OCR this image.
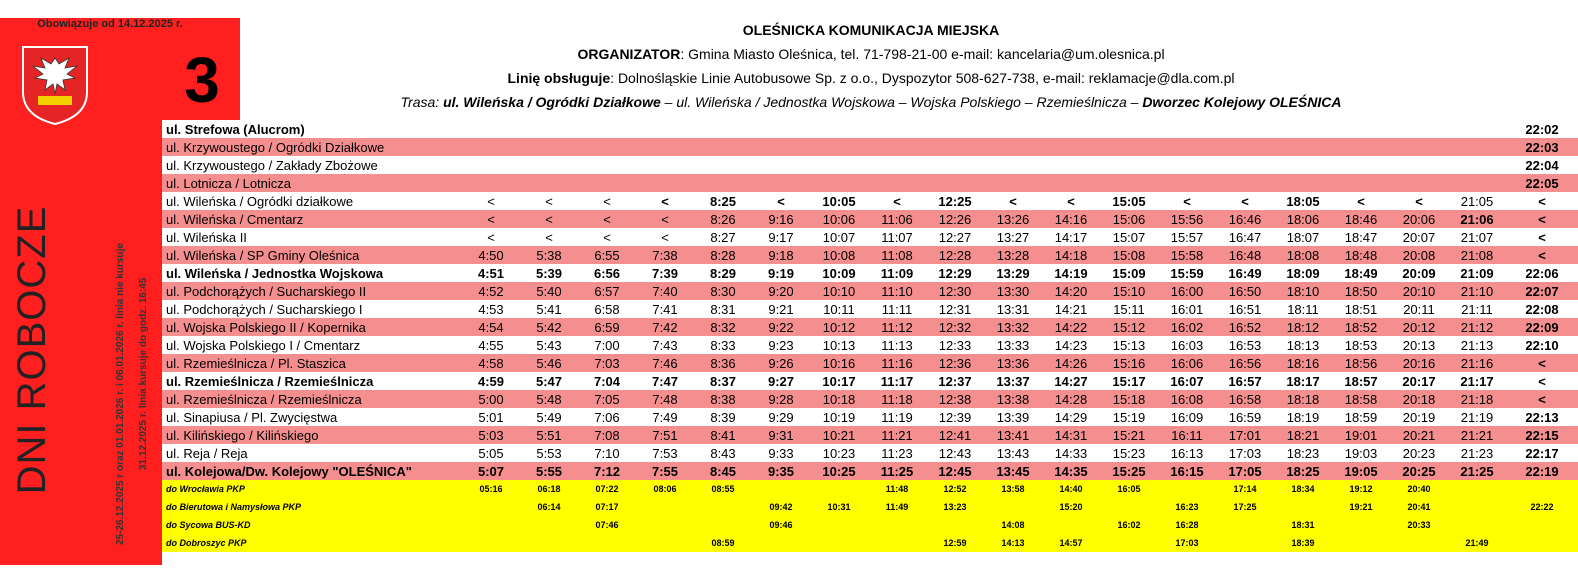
Obowiązuje od 14.12.2025 r.
3
DNI ROBOCZE	25-26.12.2025 r oraz 01.01.2026 r. i 06.01.2026 r. linia nie kursuje 31.12.2025 r. linia kursuje do godz. 16:45
OLEŚNICKA KOMUNIKACJA MIEJSKA
ORGANIZATOR: Gmina Miasto Oleśnica, tel. 71-798-21-00 e-mail: kancelaria@um.olesnica.pl
Linię obsługuje: Dolnośląskie Linie Autobusowe Sp. z o.o., Dyspozytor 508-627-738, e-mail: reklamacje@dla.com.pl
Trasa: ul. Wileńska / Ogródki Działkowe – ul. Wileńska / Jednostka Wojskowa – Wojska Polskiego – Rzemieślnicza – Dworzec Kolejowy OLEŚNICA
ul. Strefowa (Alucrom)																			22:02
ul. Krzywoustego / Ogródki Działkowe																			22:03
ul. Krzywoustego / Zakłady Zbożowe																			22:04
ul. Lotnicza / Lotnicza																			22:05
ul. Wileńska / Ogródki działkowe	<	<	<	<	8:25	<	10:05	<	12:25	<	<	15:05	<	<	18:05	<	<	21:05	<
ul. Wileńska / Cmentarz	<	<	<	<	8:26	9:16	10:06	11:06	12:26	13:26	14:16	15:06	15:56	16:46	18:06	18:46	20:06	21:06	<
ul. Wileńska II	<	<	<	<	8:27	9:17	10:07	11:07	12:27	13:27	14:17	15:07	15:57	16:47	18:07	18:47	20:07	21:07	<
ul. Wileńska / SP Gminy Oleśnica	4:50	5:38	6:55	7:38	8:28	9:18	10:08	11:08	12:28	13:28	14:18	15:08	15:58	16:48	18:08	18:48	20:08	21:08	<
ul. Wileńska / Jednostka Wojskowa	4:51	5:39	6:56	7:39	8:29	9:19	10:09	11:09	12:29	13:29	14:19	15:09	15:59	16:49	18:09	18:49	20:09	21:09	22:06
ul. Podchorążych / Sucharskiego II	4:52	5:40	6:57	7:40	8:30	9:20	10:10	11:10	12:30	13:30	14:20	15:10	16:00	16:50	18:10	18:50	20:10	21:10	22:07
ul. Podchorążych / Sucharskiego I	4:53	5:41	6:58	7:41	8:31	9:21	10:11	11:11	12:31	13:31	14:21	15:11	16:01	16:51	18:11	18:51	20:11	21:11	22:08
ul. Wojska Polskiego II / Kopernika	4:54	5:42	6:59	7:42	8:32	9:22	10:12	11:12	12:32	13:32	14:22	15:12	16:02	16:52	18:12	18:52	20:12	21:12	22:09
ul. Wojska Polskiego I / Cmentarz	4:55	5:43	7:00	7:43	8:33	9:23	10:13	11:13	12:33	13:33	14:23	15:13	16:03	16:53	18:13	18:53	20:13	21:13	22:10
ul. Rzemieślnicza / Pl. Staszica	4:58	5:46	7:03	7:46	8:36	9:26	10:16	11:16	12:36	13:36	14:26	15:16	16:06	16:56	18:16	18:56	20:16	21:16	<
ul. Rzemieślnicza / Rzemieślnicza	4:59	5:47	7:04	7:47	8:37	9:27	10:17	11:17	12:37	13:37	14:27	15:17	16:07	16:57	18:17	18:57	20:17	21:17	<
ul. Rzemieślnicza / Rzemieślnicza	5:00	5:48	7:05	7:48	8:38	9:28	10:18	11:18	12:38	13:38	14:28	15:18	16:08	16:58	18:18	18:58	20:18	21:18	<
ul. Sinapiusa / Pl. Zwycięstwa	5:01	5:49	7:06	7:49	8:39	9:29	10:19	11:19	12:39	13:39	14:29	15:19	16:09	16:59	18:19	18:59	20:19	21:19	22:13
ul. Kilińskiego / Kilińskiego	5:03	5:51	7:08	7:51	8:41	9:31	10:21	11:21	12:41	13:41	14:31	15:21	16:11	17:01	18:21	19:01	20:21	21:21	22:15
ul. Reja / Reja	5:05	5:53	7:10	7:53	8:43	9:33	10:23	11:23	12:43	13:43	14:33	15:23	16:13	17:03	18:23	19:03	20:23	21:23	22:17
ul. Kolejowa/Dw. Kolejowy "OLEŚNICA"	5:07	5:55	7:12	7:55	8:45	9:35	10:25	11:25	12:45	13:45	14:35	15:25	16:15	17:05	18:25	19:05	20:25	21:25	22:19
do Wrocławia PKP	05:16	06:18	07:22	08:06	08:55			11:48	12:52	13:58	14:40	16:05		17:14	18:34	19:12	20:40		
do Bierutowa i Namysłowa PKP		06:14	07:17			09:42	10:31	11:49	13:23		15:20		16:23	17:25		19:21	20:41		22:22
do Sycowa BUS-KD			07:46			09:46				14:08		16:02	16:28		18:31		20:33		
do Dobroszyc PKP					08:59				12:59	14:13	14:57		17:03		18:39			21:49	
